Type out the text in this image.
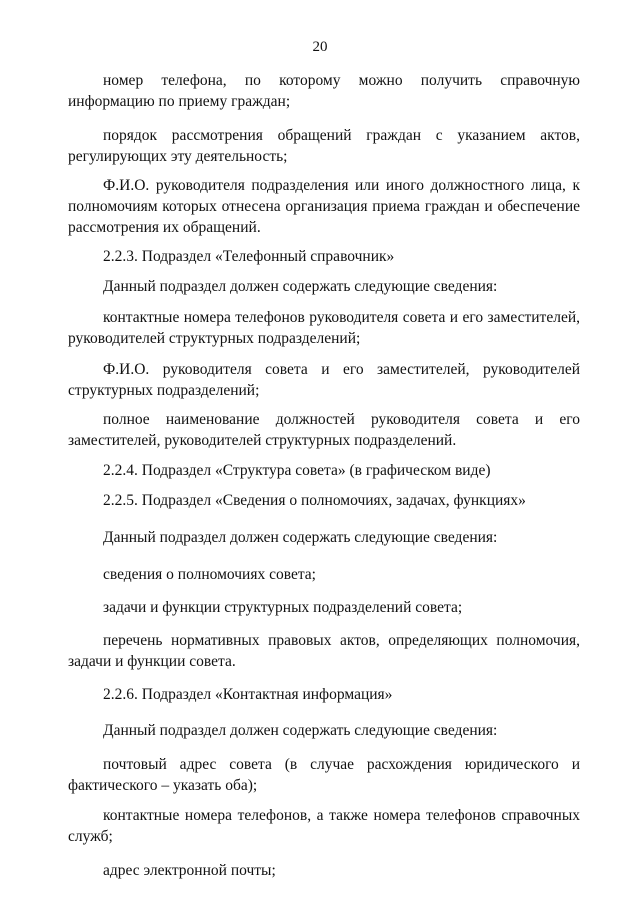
20

номер телефона, по которому можно получить справочную информацию по приему граждан;

порядок рассмотрения обращений граждан с указанием актов, регулирующих эту деятельность;

Ф.И.О. руководителя подразделения или иного должностного лица, к полномочиям которых отнесена организация приема граждан и обеспечение рассмотрения их обращений.

2.2.3. Подраздел «Телефонный справочник»

Данный подраздел должен содержать следующие сведения:

контактные номера телефонов руководителя совета и его заместителей, руководителей структурных подразделений;

Ф.И.О. руководителя совета и его заместителей, руководителей структурных подразделений;

полное наименование должностей руководителя совета и его заместителей, руководителей структурных подразделений.

2.2.4. Подраздел «Структура совета» (в графическом виде)

2.2.5. Подраздел «Сведения о полномочиях, задачах, функциях»

Данный подраздел должен содержать следующие сведения:

сведения о полномочиях совета;

задачи и функции структурных подразделений совета;

перечень нормативных правовых актов, определяющих полномочия, задачи и функции совета.

2.2.6. Подраздел «Контактная информация»

Данный подраздел должен содержать следующие сведения:

почтовый адрес совета (в случае расхождения юридического и фактического – указать оба);

контактные номера телефонов, а также номера телефонов справочных служб;

адрес электронной почты;
